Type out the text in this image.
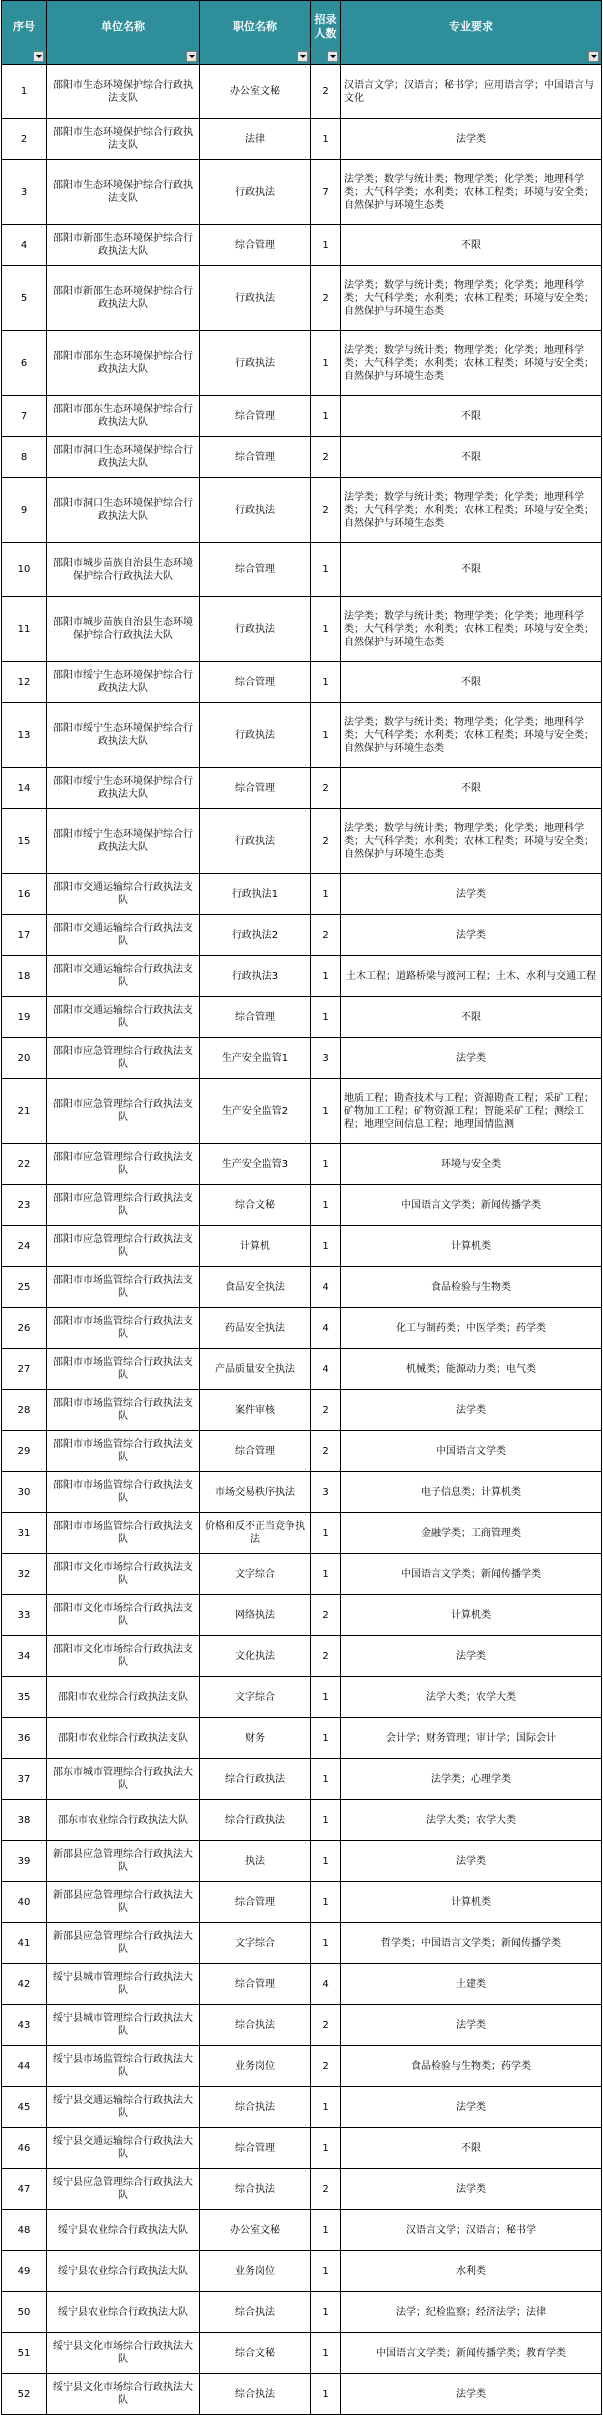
序号	单位名称	职位名称	招录人数	专业要求

1	邵阳市生态环境保护综合行政执法支队	办公室文秘	2	汉语言文学；汉语言；秘书学；应用语言学；中国语言与文化
2	邵阳市生态环境保护综合行政执法支队	法律	1	法学类
3	邵阳市生态环境保护综合行政执法支队	行政执法	7	法学类；数学与统计类；物理学类；化学类；地理科学类；大气科学类；水利类；农林工程类；环境与安全类；自然保护与环境生态类
4	邵阳市新邵生态环境保护综合行政执法大队	综合管理	1	不限
5	邵阳市新邵生态环境保护综合行政执法大队	行政执法	2	法学类；数学与统计类；物理学类；化学类；地理科学类；大气科学类；水利类；农林工程类；环境与安全类；自然保护与环境生态类
6	邵阳市邵东生态环境保护综合行政执法大队	行政执法	1	法学类；数学与统计类；物理学类；化学类；地理科学类；大气科学类；水利类；农林工程类；环境与安全类；自然保护与环境生态类
7	邵阳市邵东生态环境保护综合行政执法大队	综合管理	1	不限
8	邵阳市洞口生态环境保护综合行政执法大队	综合管理	2	不限
9	邵阳市洞口生态环境保护综合行政执法大队	行政执法	2	法学类；数学与统计类；物理学类；化学类；地理科学类；大气科学类；水利类；农林工程类；环境与安全类；自然保护与环境生态类
10	邵阳市城步苗族自治县生态环境保护综合行政执法大队	综合管理	1	不限
11	邵阳市城步苗族自治县生态环境保护综合行政执法大队	行政执法	1	法学类；数学与统计类；物理学类；化学类；地理科学类；大气科学类；水利类；农林工程类；环境与安全类；自然保护与环境生态类
12	邵阳市绥宁生态环境保护综合行政执法大队	综合管理	1	不限
13	邵阳市绥宁生态环境保护综合行政执法大队	行政执法	1	法学类；数学与统计类；物理学类；化学类；地理科学类；大气科学类；水利类；农林工程类；环境与安全类；自然保护与环境生态类
14	邵阳市绥宁生态环境保护综合行政执法大队	综合管理	2	不限
15	邵阳市绥宁生态环境保护综合行政执法大队	行政执法	2	法学类；数学与统计类；物理学类；化学类；地理科学类；大气科学类；水利类；农林工程类；环境与安全类；自然保护与环境生态类
16	邵阳市交通运输综合行政执法支队	行政执法1	1	法学类
17	邵阳市交通运输综合行政执法支队	行政执法2	2	法学类
18	邵阳市交通运输综合行政执法支队	行政执法3	1	土木工程；道路桥梁与渡河工程；土木、水利与交通工程
19	邵阳市交通运输综合行政执法支队	综合管理	1	不限
20	邵阳市应急管理综合行政执法支队	生产安全监管1	3	法学类
21	邵阳市应急管理综合行政执法支队	生产安全监管2	1	地质工程；勘查技术与工程；资源勘查工程；采矿工程；矿物加工工程；矿物资源工程；智能采矿工程；测绘工程；地理空间信息工程；地理国情监测
22	邵阳市应急管理综合行政执法支队	生产安全监管3	1	环境与安全类
23	邵阳市应急管理综合行政执法支队	综合文秘	1	中国语言文学类；新闻传播学类
24	邵阳市应急管理综合行政执法支队	计算机	1	计算机类
25	邵阳市市场监管综合行政执法支队	食品安全执法	4	食品检验与生物类
26	邵阳市市场监管综合行政执法支队	药品安全执法	4	化工与制药类；中医学类；药学类
27	邵阳市市场监管综合行政执法支队	产品质量安全执法	4	机械类；能源动力类；电气类
28	邵阳市市场监管综合行政执法支队	案件审核	2	法学类
29	邵阳市市场监管综合行政执法支队	综合管理	2	中国语言文学类
30	邵阳市市场监管综合行政执法支队	市场交易秩序执法	3	电子信息类；计算机类
31	邵阳市市场监管综合行政执法支队	价格和反不正当竞争执法	1	金融学类；工商管理类
32	邵阳市文化市场综合行政执法支队	文字综合	1	中国语言文学类；新闻传播学类
33	邵阳市文化市场综合行政执法支队	网络执法	2	计算机类
34	邵阳市文化市场综合行政执法支队	文化执法	2	法学类
35	邵阳市农业综合行政执法支队	文字综合	1	法学大类；农学大类
36	邵阳市农业综合行政执法支队	财务	1	会计学；财务管理；审计学；国际会计
37	邵东市城市管理综合行政执法大队	综合行政执法	1	法学类；心理学类
38	邵东市农业综合行政执法大队	综合行政执法	1	法学大类；农学大类
39	新邵县应急管理综合行政执法大队	执法	1	法学类
40	新邵县应急管理综合行政执法大队	综合管理	1	计算机类
41	新邵县应急管理综合行政执法大队	文字综合	1	哲学类；中国语言文学类；新闻传播学类
42	绥宁县城市管理综合行政执法大队	综合管理	4	土建类
43	绥宁县城市管理综合行政执法大队	综合执法	2	法学类
44	绥宁县市场监管综合行政执法大队	业务岗位	2	食品检验与生物类；药学类
45	绥宁县交通运输综合行政执法大队	综合执法	1	法学类
46	绥宁县交通运输综合行政执法大队	综合管理	1	不限
47	绥宁县应急管理综合行政执法大队	综合执法	2	法学类
48	绥宁县农业综合行政执法大队	办公室文秘	1	汉语言文学；汉语言；秘书学
49	绥宁县农业综合行政执法大队	业务岗位	1	水利类
50	绥宁县农业综合行政执法大队	综合执法	1	法学；纪检监察；经济法学；法律
51	绥宁县文化市场综合行政执法大队	综合文秘	1	中国语言文学类；新闻传播学类；教育学类
52	绥宁县文化市场综合行政执法大队	综合执法	1	法学类
